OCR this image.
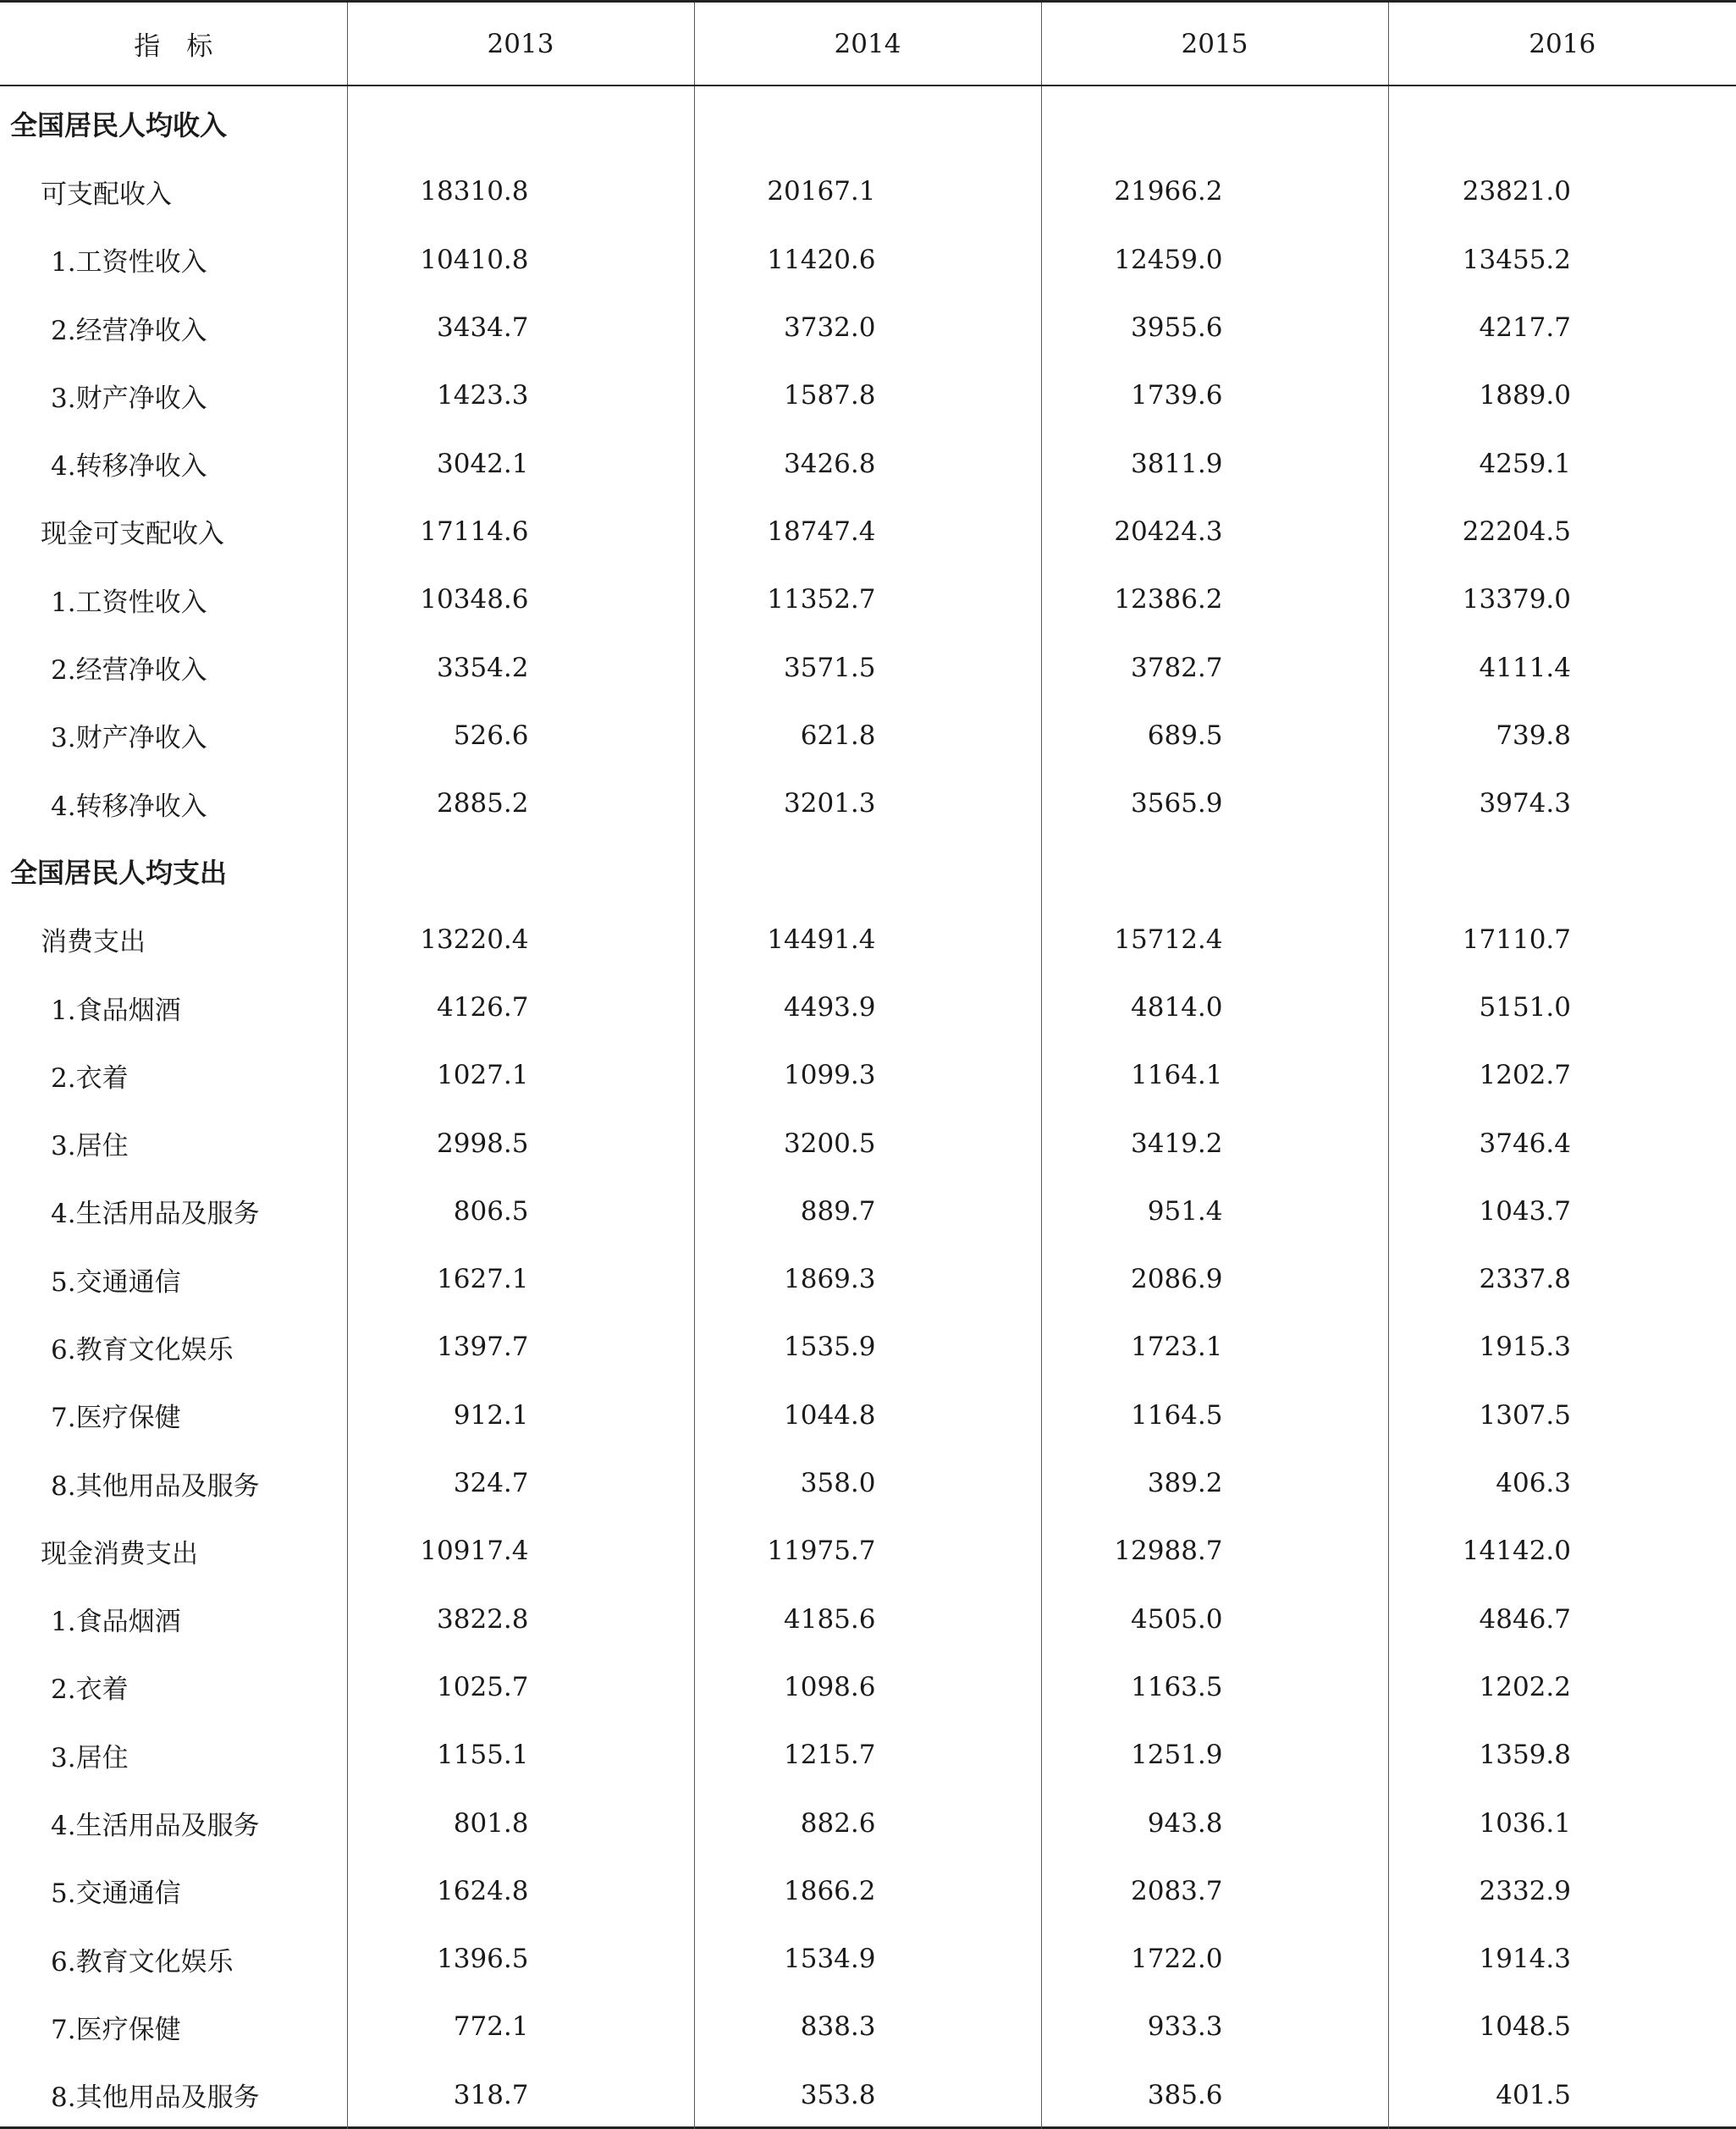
指　标	2013	2014	2015	2016
全国居民人均收入				
可支配收入	18310.8	20167.1	21966.2	23821.0
1.工资性收入	10410.8	11420.6	12459.0	13455.2
2.经营净收入	3434.7	3732.0	3955.6	4217.7
3.财产净收入	1423.3	1587.8	1739.6	1889.0
4.转移净收入	3042.1	3426.8	3811.9	4259.1
现金可支配收入	17114.6	18747.4	20424.3	22204.5
1.工资性收入	10348.6	11352.7	12386.2	13379.0
2.经营净收入	3354.2	3571.5	3782.7	4111.4
3.财产净收入	526.6	621.8	689.5	739.8
4.转移净收入	2885.2	3201.3	3565.9	3974.3
全国居民人均支出				
消费支出	13220.4	14491.4	15712.4	17110.7
1.食品烟酒	4126.7	4493.9	4814.0	5151.0
2.衣着	1027.1	1099.3	1164.1	1202.7
3.居住	2998.5	3200.5	3419.2	3746.4
4.生活用品及服务	806.5	889.7	951.4	1043.7
5.交通通信	1627.1	1869.3	2086.9	2337.8
6.教育文化娱乐	1397.7	1535.9	1723.1	1915.3
7.医疗保健	912.1	1044.8	1164.5	1307.5
8.其他用品及服务	324.7	358.0	389.2	406.3
现金消费支出	10917.4	11975.7	12988.7	14142.0
1.食品烟酒	3822.8	4185.6	4505.0	4846.7
2.衣着	1025.7	1098.6	1163.5	1202.2
3.居住	1155.1	1215.7	1251.9	1359.8
4.生活用品及服务	801.8	882.6	943.8	1036.1
5.交通通信	1624.8	1866.2	2083.7	2332.9
6.教育文化娱乐	1396.5	1534.9	1722.0	1914.3
7.医疗保健	772.1	838.3	933.3	1048.5
8.其他用品及服务	318.7	353.8	385.6	401.5
